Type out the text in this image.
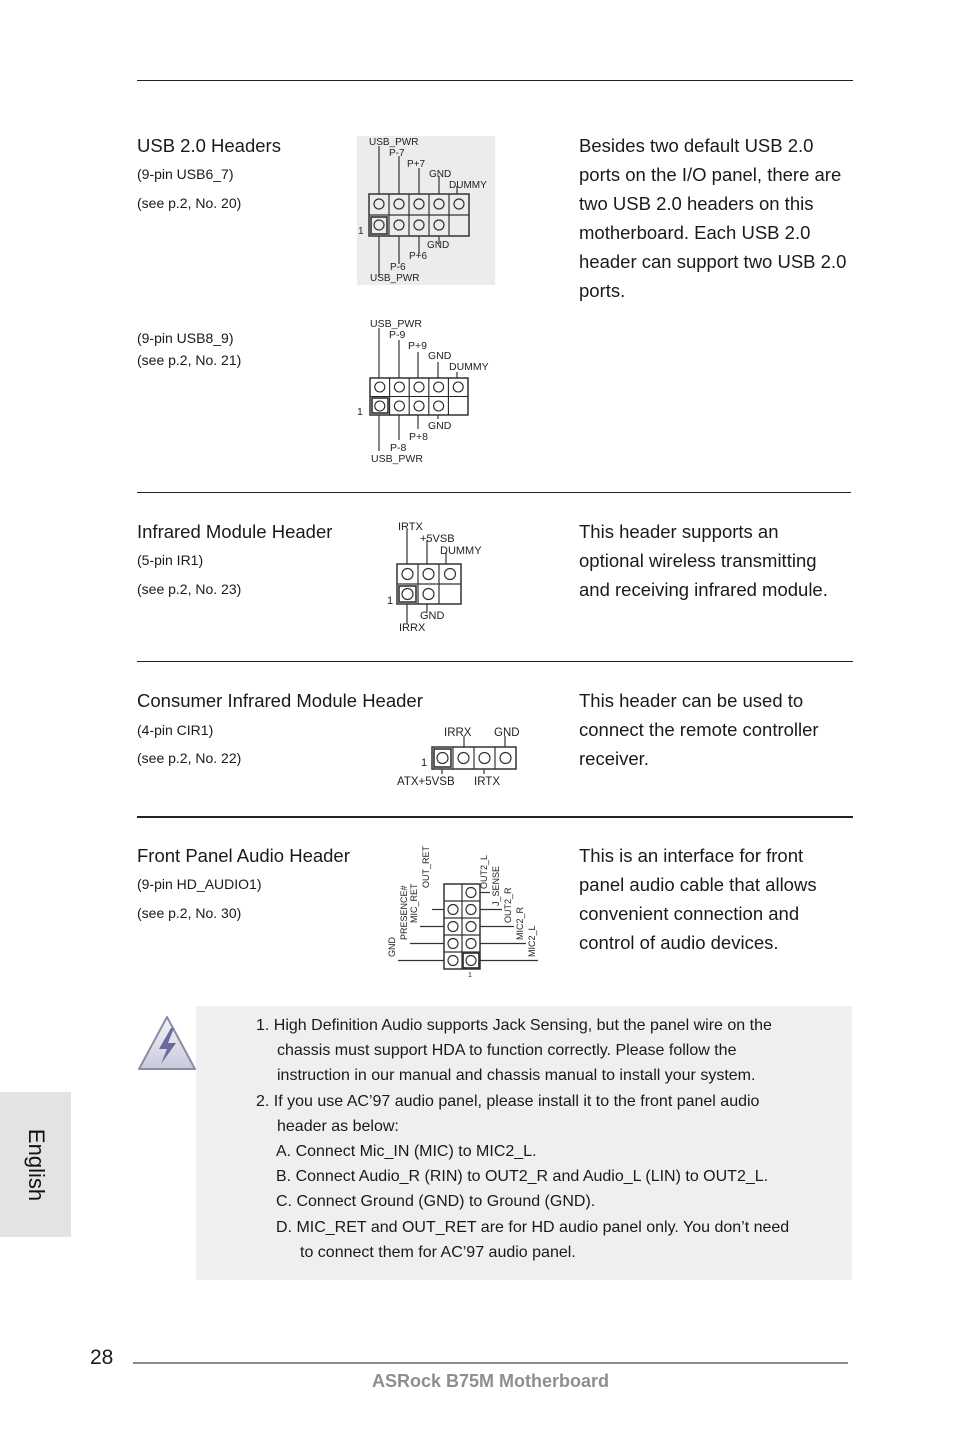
USB 2.0 Headers
(9-pin USB6_7)
(see p.2, No. 20)
(9-pin USB8_9)
(see p.2, No. 21)
Besides two default USB 2.0
ports on the I/O panel, there are
two USB 2.0 headers on this
motherboard. Each USB 2.0
header can support two USB 2.0
ports.
USB_PWR
P-7
P+7
GND
DUMMY
1
GND
P+6
P-6
USB_PWR
USB_PWR
P-9
P+9
GND
DUMMY
1
GND
P+8
P-8
USB_PWR
Infrared Module Header
(5-pin IR1)
(see p.2, No. 23)
This header supports an
optional wireless transmitting
and receiving infrared module.
IRTX
+5VSB
DUMMY
1
GND
IRRX
Consumer Infrared Module Header
(4-pin CIR1)
(see p.2, No. 22)
This header can be used to
connect the remote controller
receiver.
IRRX GND
1
ATX+5VSB IRTX
Front Panel Audio Header
(9-pin HD_AUDIO1)
(see p.2, No. 30)
This is an interface for front
panel audio cable that allows
convenient connection and
control of audio devices.
GND
PRESENCE# MIC_RET
OUT_RET	OUT2_L J_SENSE OUT2_R
MIC2_R
MIC2_L
1
1. High Definition Audio supports Jack Sensing, but the panel wire on the
chassis must support HDA to function correctly. Please follow the
instruction in our manual and chassis manual to install your system.
2. If you use AC’97 audio panel, please install it to the front panel audio
header as below:
A. Connect Mic_IN (MIC) to MIC2_L.
B. Connect Audio_R (RIN) to OUT2_R and Audio_L (LIN) to OUT2_L.
C. Connect Ground (GND) to Ground (GND).
D. MIC_RET and OUT_RET are for HD audio panel only. You don’t need
to connect them for AC’97 audio panel.
English
28
ASRock B75M Motherboard
